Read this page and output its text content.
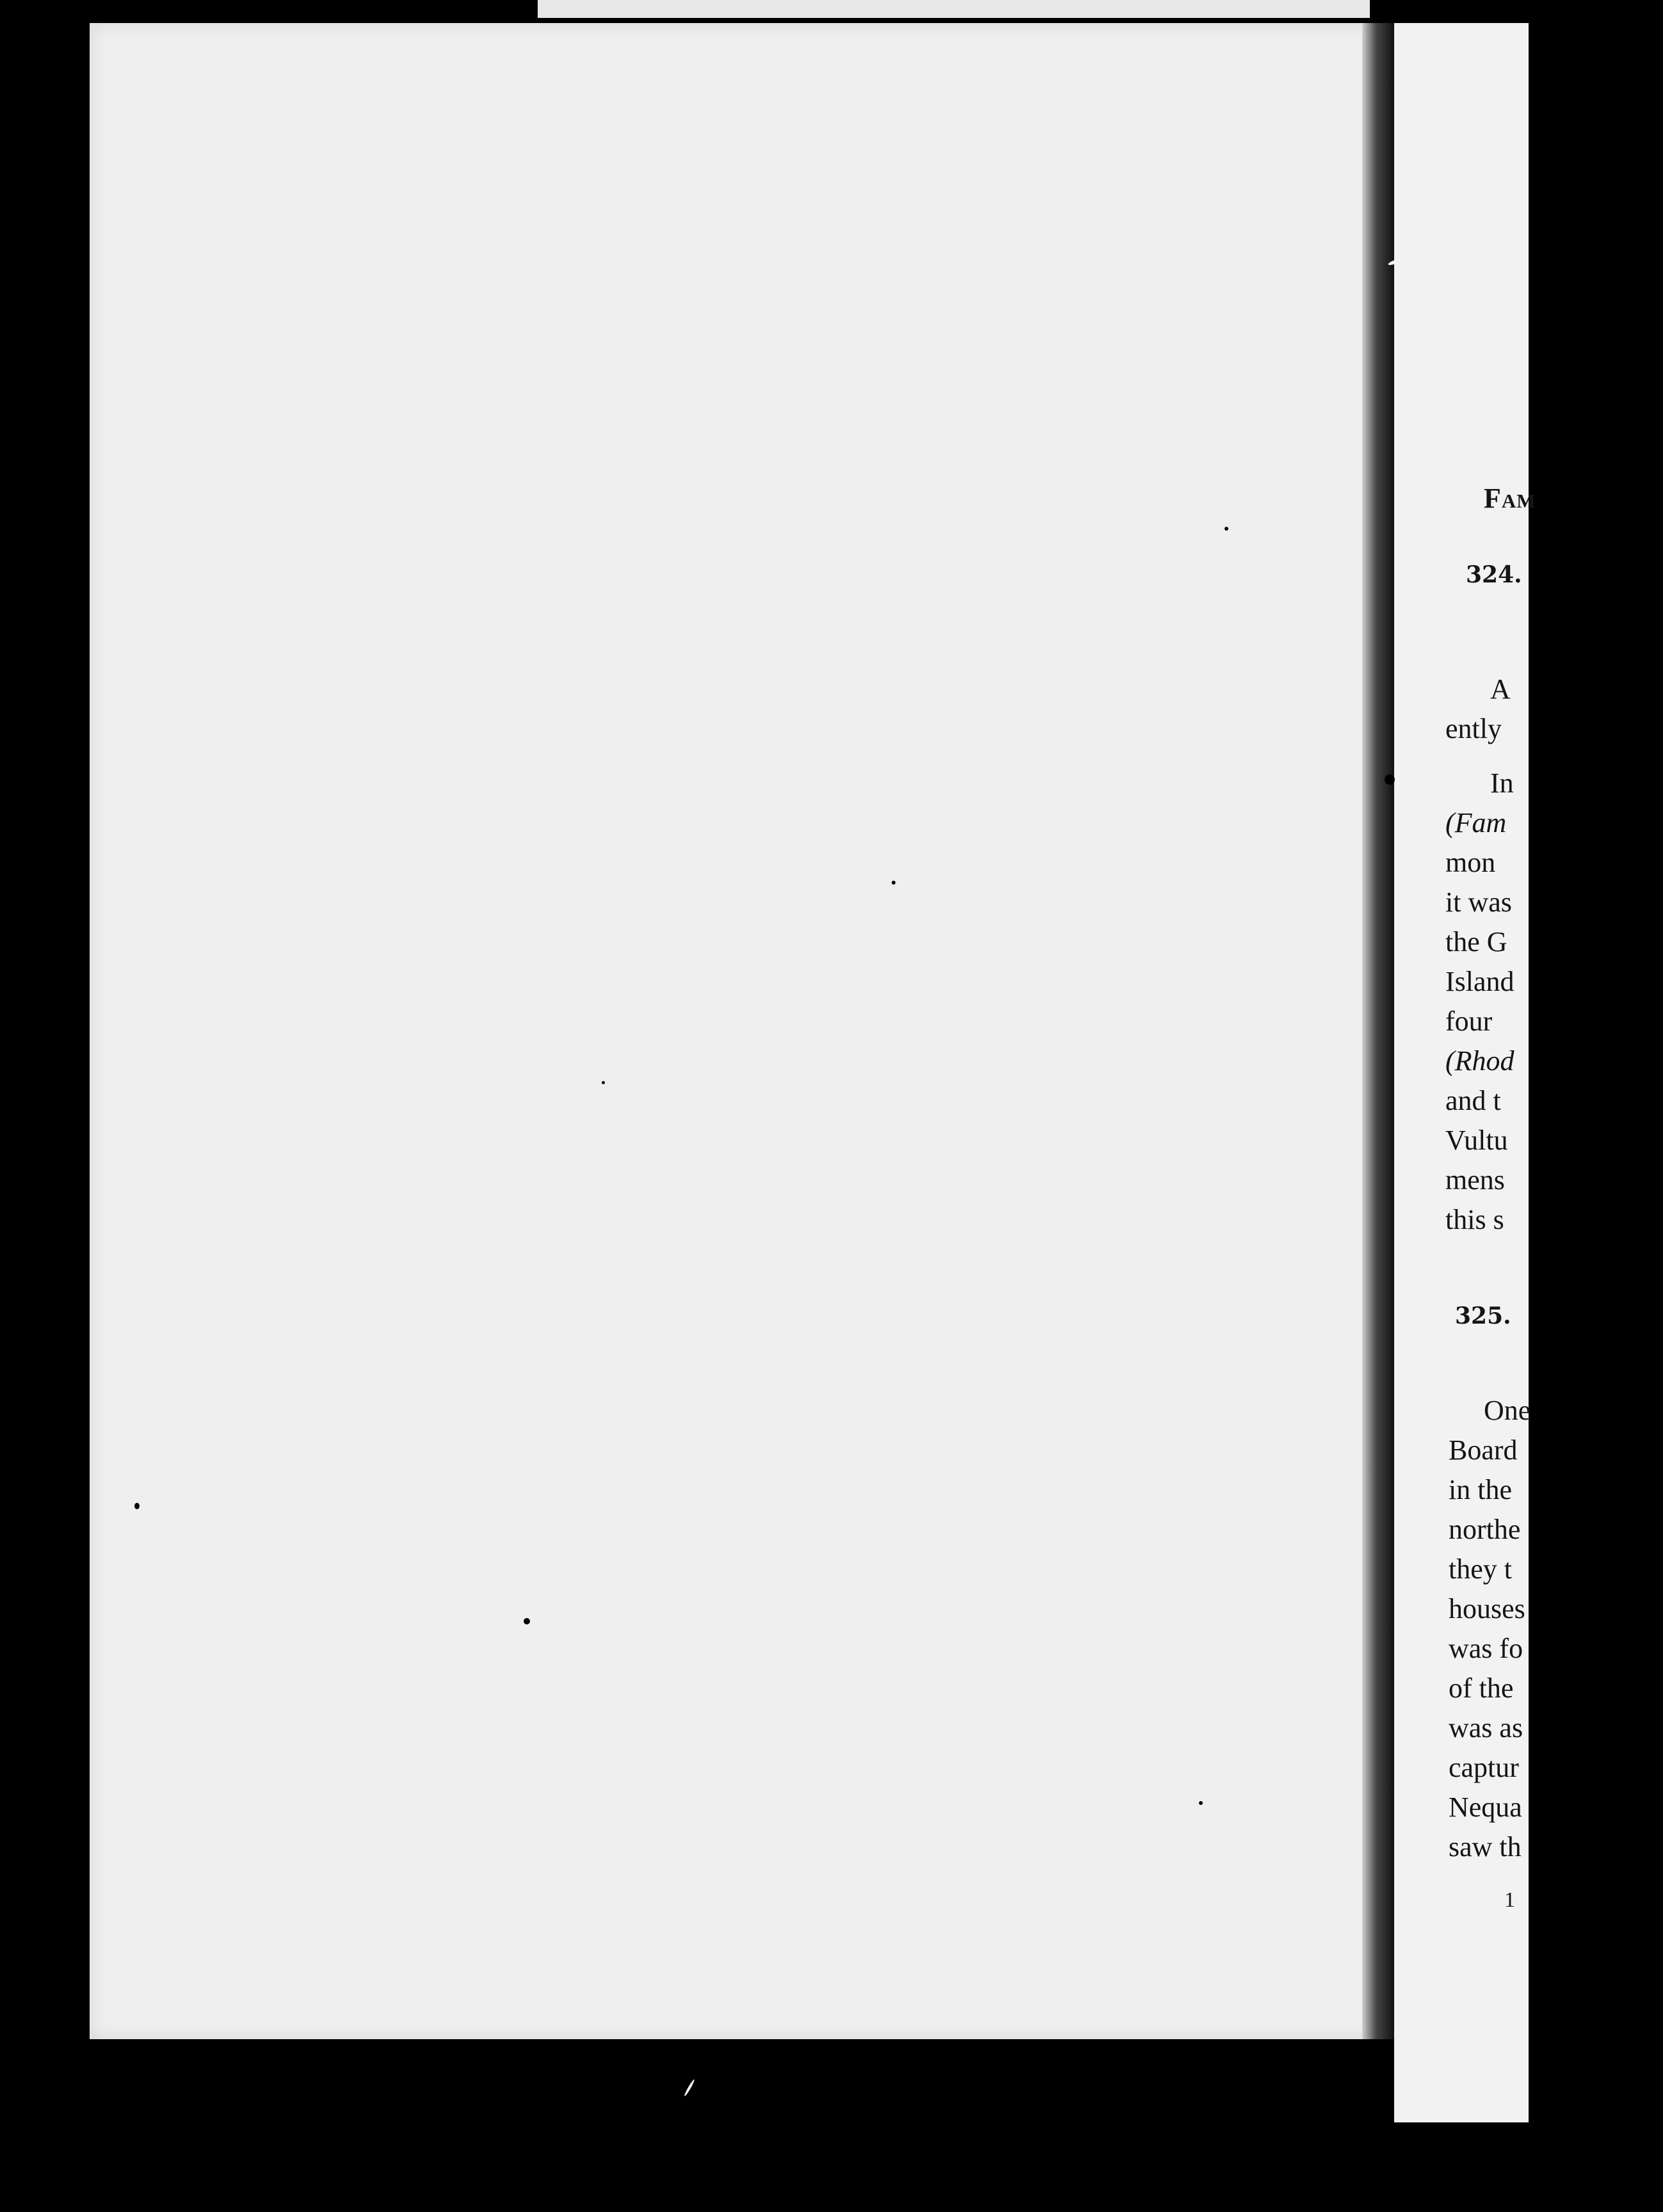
Fam

324.

A

ently

In

(Fam

mon

it was

the G

Island

four

(Rhod

and t

Vultu

mens

this s

325.

One

Board

in the

northe

they t

houses

was fo

of the

was as

captur

Nequa

saw th

1
